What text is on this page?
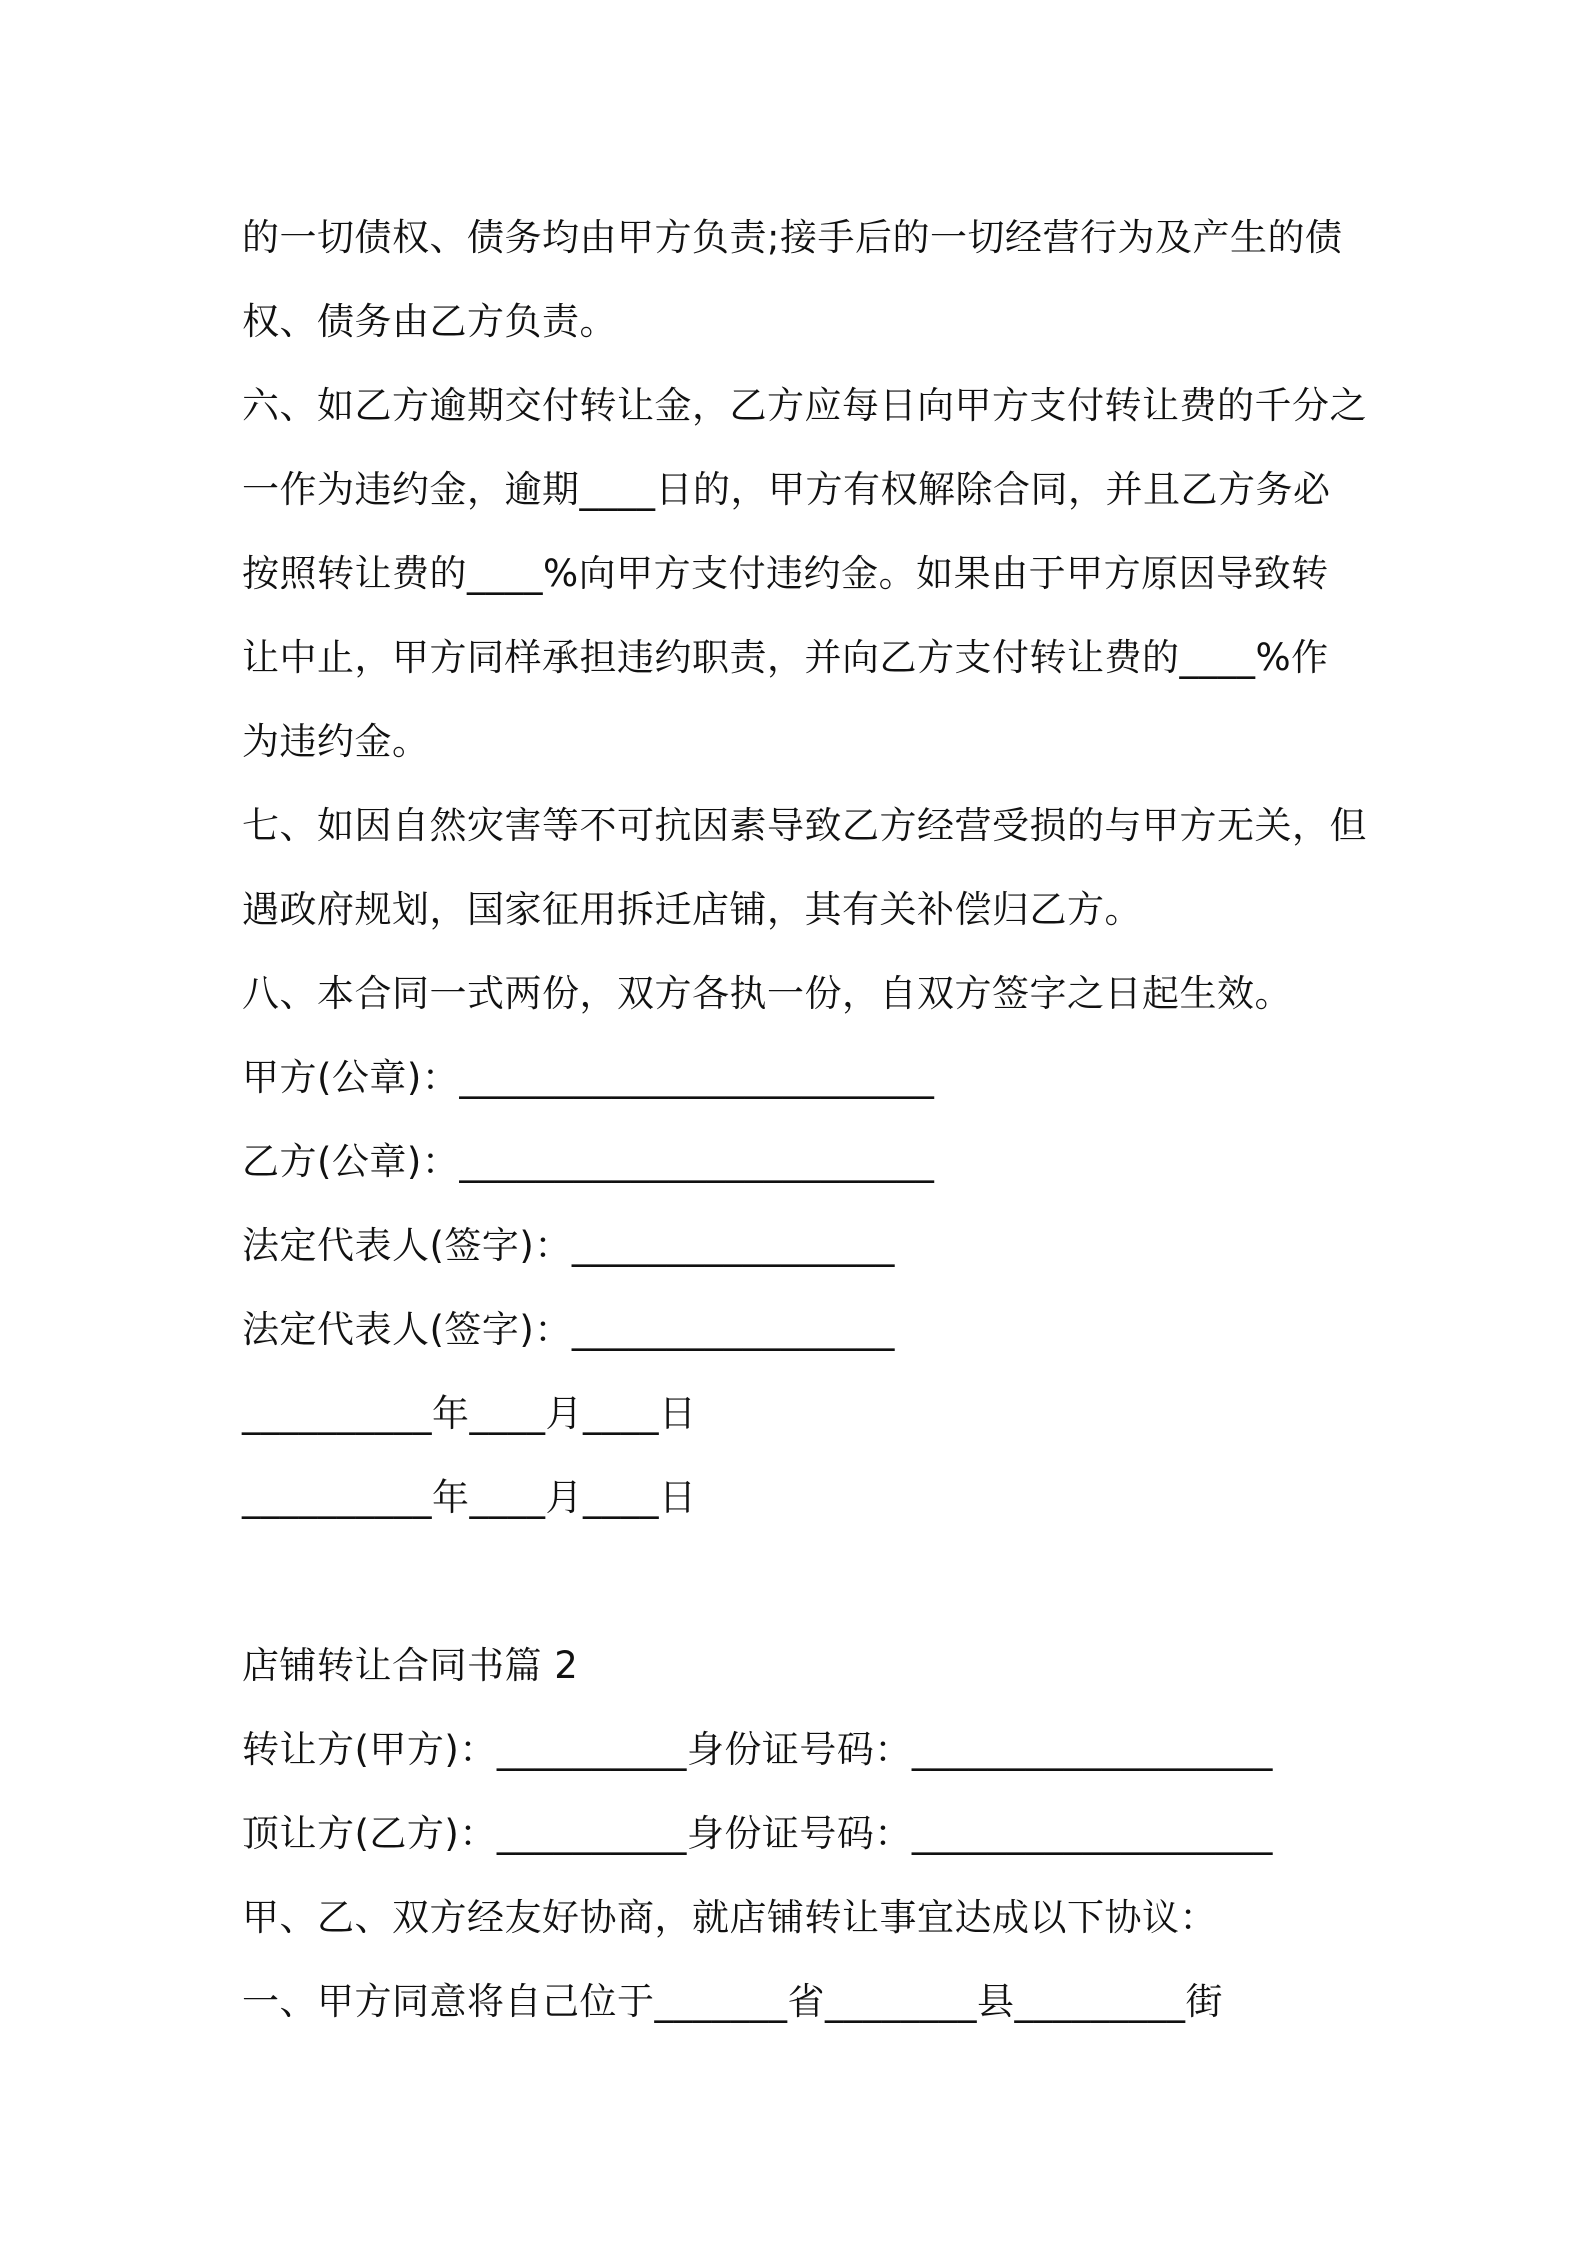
的一切债权、债务均由甲方负责;接手后的一切经营行为及产生的债
权、债务由乙方负责。
六、如乙方逾期交付转让金，乙方应每日向甲方支付转让费的千分之
一作为违约金，逾期____日的，甲方有权解除合同，并且乙方务必
按照转让费的____%向甲方支付违约金。如果由于甲方原因导致转
让中止，甲方同样承担违约职责，并向乙方支付转让费的____%作
为违约金。
七、如因自然灾害等不可抗因素导致乙方经营受损的与甲方无关，但
遇政府规划，国家征用拆迁店铺，其有关补偿归乙方。
八、本合同一式两份，双方各执一份，自双方签字之日起生效。
甲方(公章)：_________________________
乙方(公章)：_________________________
法定代表人(签字)：_________________
法定代表人(签字)：_________________
__________年____月____日
__________年____月____日
店铺转让合同书篇 2
转让方(甲方)：__________身份证号码：___________________
顶让方(乙方)：__________身份证号码：___________________
甲、乙、双方经友好协商，就店铺转让事宜达成以下协议：
一、甲方同意将自己位于_______省________县_________街
